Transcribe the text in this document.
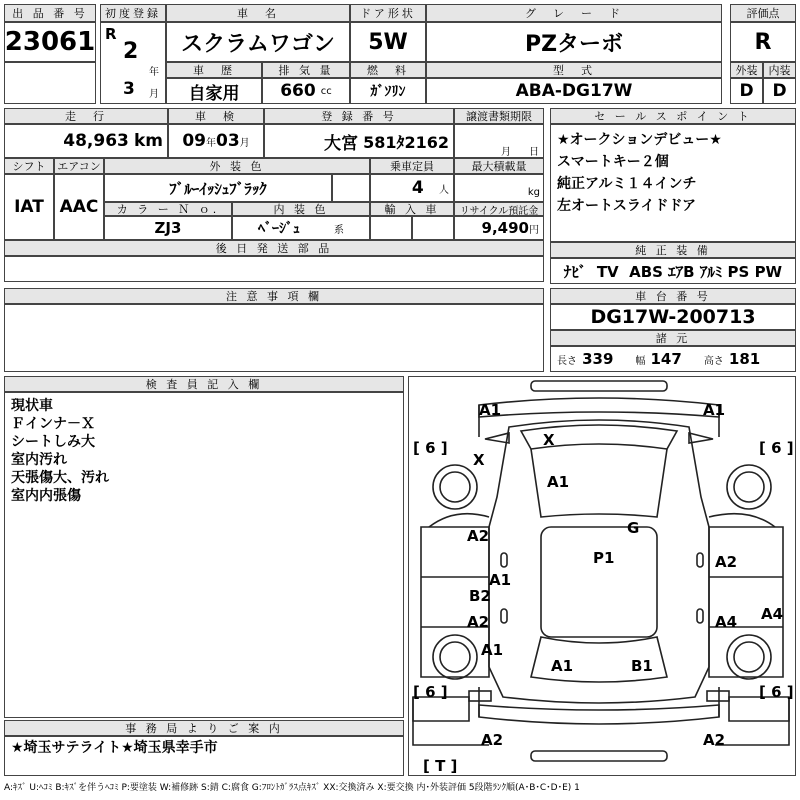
出 品 番 号
23061
初度登録
R
2
年
3 月
車　名
スクラムワゴン
ドア形状
5W
グ　レ　ー　ド
PZターボ
評価点
R
車　歴
自家用
排 気 量
660
cc
燃　料
ｶﾞｿﾘﾝ
型　式
ABA-DG17W
外装	内装
D D
走　行
48,963
km
車　検
09 年 03 月
登 録 番 号
大宮
581ﾀ2162
譲渡書類期限
月 日
シフト
IAT
エアコン
AAC
外 装 色
ﾌﾞﾙｰｲｯｼｭﾌﾞﾗｯｸ
乗車定員
4
人
最大積載量
kg
カ ラ ー Ｎ ｏ.
ZJ3
内 装 色
ﾍﾞｰｼﾞｭ	系
輸 入 車	リサイクル預託金
9,490 円
後 日 発 送 部 品
セ ー ル ス ポ イ ン ト
★オークションデビュー★
スマートキー２個
純正アルミ１４インチ
左オートスライドドア
純 正 装 備
ﾅﾋﾞ  TV  ABS ｴｱB ｱﾙﾐ PS PW
注 意 事 項 欄	車 台 番 号
DG17W-200713
諸 元
長さ
339 幅
147 高さ
181
検 査 員 記 入 欄
現状車
Ｆインナ－Ｘ
シートしみ大
室内汚れ
天張傷大、汚れ
室内内張傷
事 務 局 よ り ご 案 内
★埼玉サテライト★埼玉県幸手市
A1	A1
X
X
A1
G
A2
A1
B2
A2
P1	A2
A4 A4
A1
A1	B1
A2	A2
[ 6 ]	[ 6 ]
[ 6 ]	[ 6 ]
[ T ]
A:ｷｽﾞ U:ﾍｺﾐ B:ｷｽﾞを伴うﾍｺﾐ P:要塗装 W:補修跡 S:錆 C:腐食 G:ﾌﾛﾝﾄｶﾞﾗｽ点ｷｽﾞ XX:交換済み X:要交換 内･外装評価 5段階ﾗﾝｸ順(A･B･C･D･E) 1
